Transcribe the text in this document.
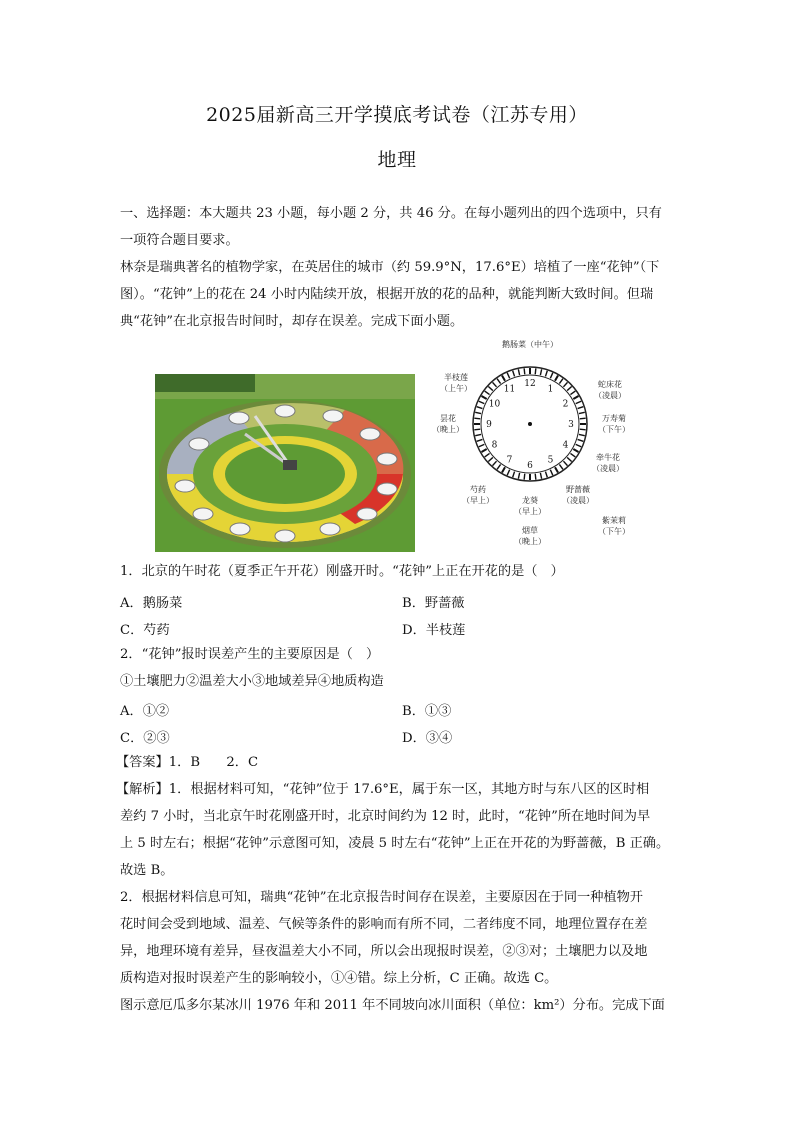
2025届新高三开学摸底考试卷（江苏专用）
地理
一、选择题：本大题共 23 小题，每小题 2 分，共 46 分。在每小题列出的四个选项中，只有
一项符合题目要求。
林奈是瑞典著名的植物学家，在英居住的城市（约 59.9°N，17.6°E）培植了一座“花钟”（下
图）。“花钟”上的花在 24 小时内陆续开放，根据开放的花的品种，就能判断大致时间。但瑞
典“花钟”在北京报告时间时，却存在误差。完成下面小题。
12
1
2
3
4
5
6
7
8
9
10
11
鹅肠菜（中午）
半枝莲
（上午）	蛇床花
（凌晨）
昙花
（晚上）
万寿菊
（下午）
牵牛花
（凌晨）
芍药
（早上）	龙葵
（早上）
野蔷薇
（凌晨）
烟草
（晚上）
紫茉莉
（下午）
1．北京的午时花（夏季正午开花）刚盛开时。“花钟”上正在开花的是（　）
A．鹅肠菜	B．野蔷薇
C．芍药	D．半枝莲
2．“花钟”报时误差产生的主要原因是（　）
①土壤肥力②温差大小③地域差异④地质构造
A．①②	B．①③
C．②③	D．③④
【答案】1．B　　2．C
【解析】1．根据材料可知，“花钟”位于 17.6°E，属于东一区，其地方时与东八区的区时相
差约 7 小时，当北京午时花刚盛开时，北京时间约为 12 时，此时，“花钟”所在地时间为早
上 5 时左右；根据“花钟”示意图可知，凌晨 5 时左右“花钟”上正在开花的为野蔷薇，B 正确。
故选 B。
2．根据材料信息可知，瑞典“花钟”在北京报告时间存在误差，主要原因在于同一种植物开
花时间会受到地域、温差、气候等条件的影响而有所不同，二者纬度不同，地理位置存在差
异，地理环境有差异，昼夜温差大小不同，所以会出现报时误差，②③对；土壤肥力以及地
质构造对报时误差产生的影响较小，①④错。综上分析，C 正确。故选 C。
图示意厄瓜多尔某冰川 1976 年和 2011 年不同坡向冰川面积（单位：km²）分布。完成下面
